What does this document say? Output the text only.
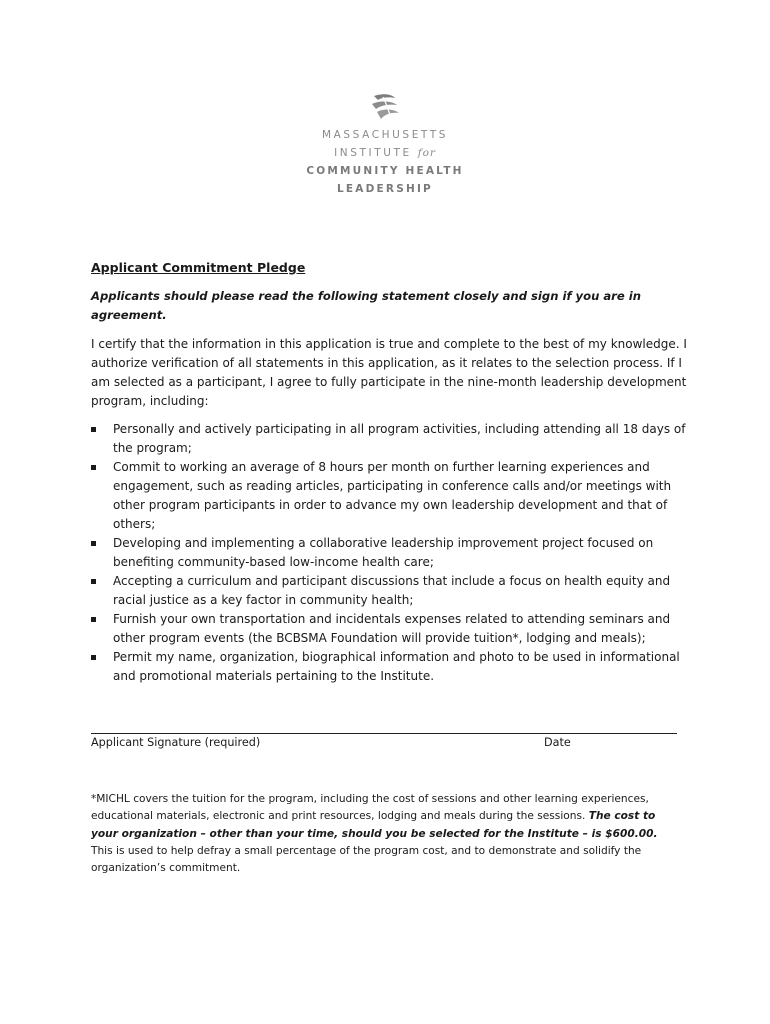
MASSACHUSETTS
INSTITUTE for
COMMUNITY HEALTH
LEADERSHIP
Applicant Commitment Pledge
Applicants should please read the following statement closely and sign if you are in agreement.
I certify that the information in this application is true and complete to the best of my knowledge. I authorize verification of all statements in this application, as it relates to the selection process. If I am selected as a participant, I agree to fully participate in the nine-month leadership development program, including:
Personally and actively participating in all program activities, including attending all 18 days of the program;
Commit to working an average of 8 hours per month on further learning experiences and engagement, such as reading articles, participating in conference calls and/or meetings with other program participants in order to advance my own leadership development and that of others;
Developing and implementing a collaborative leadership improvement project focused on benefiting community-based low-income health care;
Accepting a curriculum and participant discussions that include a focus on health equity and racial justice as a key factor in community health;
Furnish your own transportation and incidentals expenses related to attending seminars and other program events (the BCBSMA Foundation will provide tuition*, lodging and meals);
Permit my name, organization, biographical information and photo to be used in informational and promotional materials pertaining to the Institute.
Applicant Signature (required)	Date
*MICHL covers the tuition for the program, including the cost of sessions and other learning experiences, educational materials, electronic and print resources, lodging and meals during the sessions. The cost to your organization – other than your time, should you be selected for the Institute – is $600.00. This is used to help defray a small percentage of the program cost, and to demonstrate and solidify the organization’s commitment.
